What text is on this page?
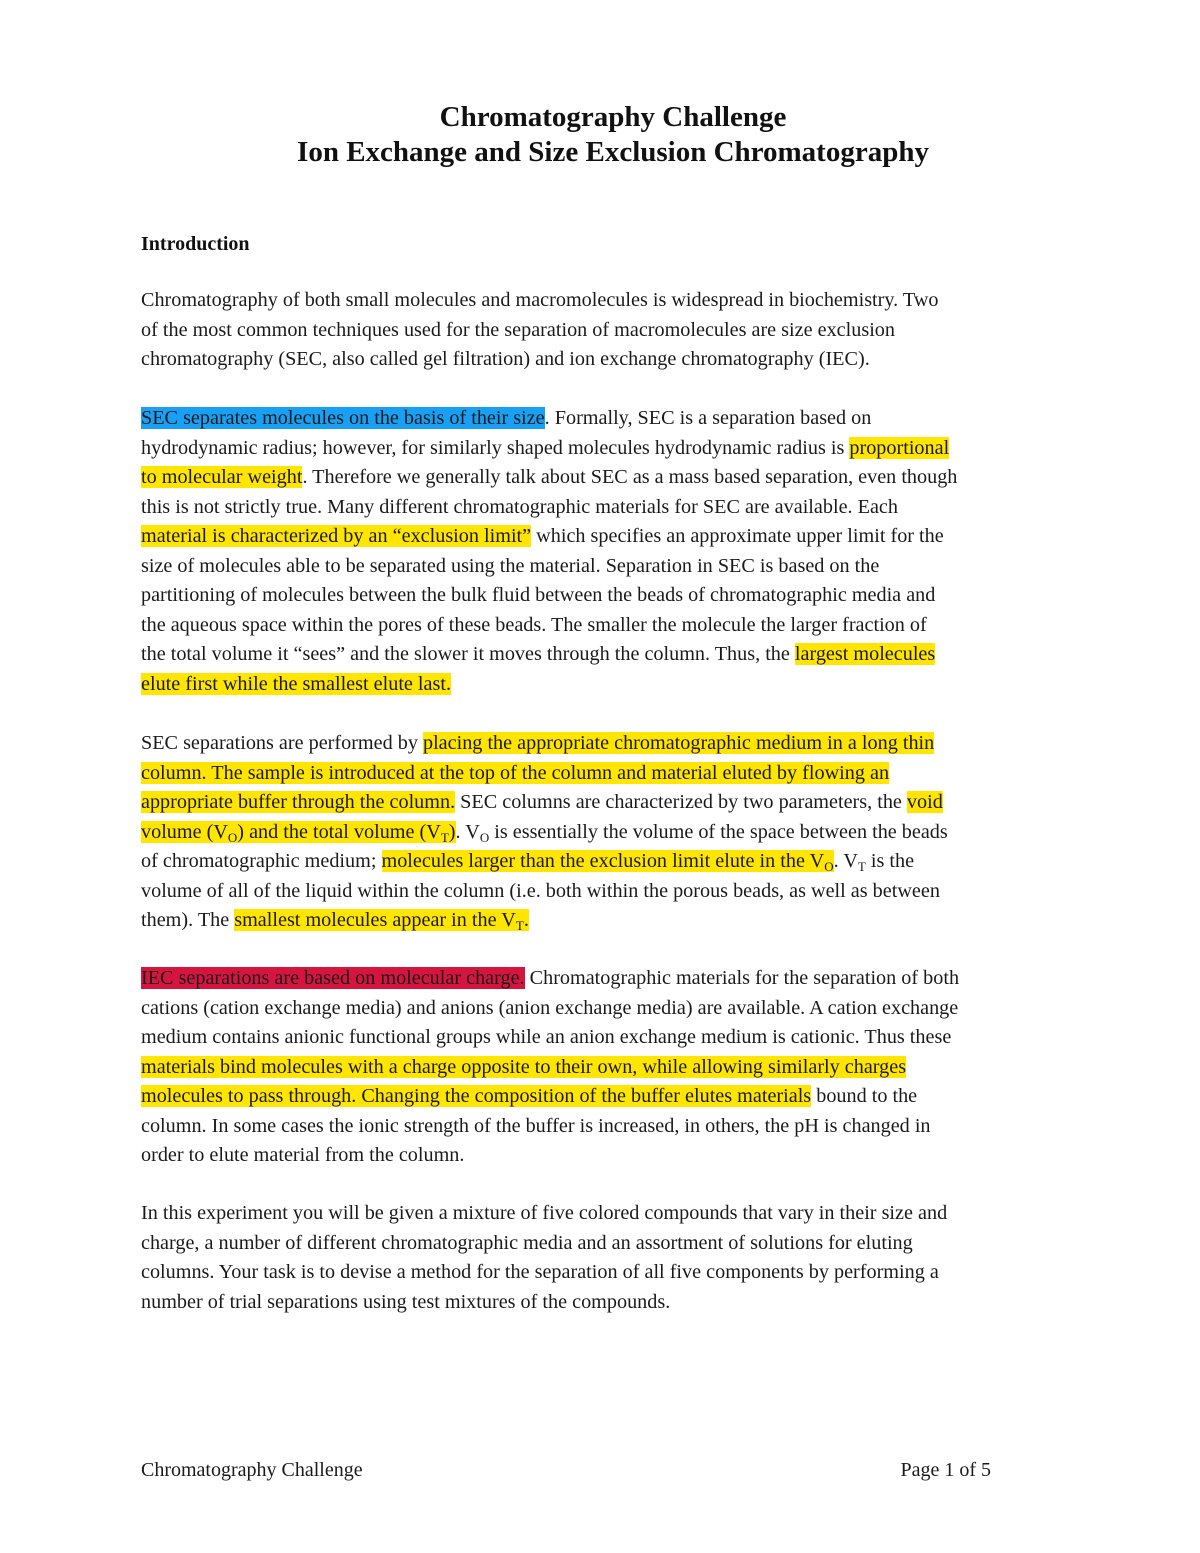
Chromatography Challenge
Ion Exchange and Size Exclusion Chromatography
Introduction

Chromatography of both small molecules and macromolecules is widespread in biochemistry. Two
of the most common techniques used for the separation of macromolecules are size exclusion
chromatography (SEC, also called gel filtration) and ion exchange chromatography (IEC).

SEC separates molecules on the basis of their size. Formally, SEC is a separation based on
hydrodynamic radius; however, for similarly shaped molecules hydrodynamic radius is proportional
to molecular weight. Therefore we generally talk about SEC as a mass based separation, even though
this is not strictly true. Many different chromatographic materials for SEC are available. Each
material is characterized by an “exclusion limit” which specifies an approximate upper limit for the
size of molecules able to be separated using the material. Separation in SEC is based on the
partitioning of molecules between the bulk fluid between the beads of chromatographic media and
the aqueous space within the pores of these beads. The smaller the molecule the larger fraction of
the total volume it “sees” and the slower it moves through the column. Thus, the largest molecules
elute first while the smallest elute last.

SEC separations are performed by placing the appropriate chromatographic medium in a long thin
column. The sample is introduced at the top of the column and material eluted by flowing an
appropriate buffer through the column. SEC columns are characterized by two parameters, the void
volume $(V_O)$ and the total volume $(V_T)$. $V_O$ is essentially the volume of the space between the beads
of chromatographic medium; molecules larger than the exclusion limit elute in the $V_O$. $V_T$ is the
volume of all of the liquid within the column (i.e. both within the porous beads, as well as between
them). The smallest molecules appear in the $V_T$.

IEC separations are based on molecular charge. Chromatographic materials for the separation of both
cations (cation exchange media) and anions (anion exchange media) are available. A cation exchange
medium contains anionic functional groups while an anion exchange medium is cationic. Thus these
materials bind molecules with a charge opposite to their own, while allowing similarly charges
molecules to pass through. Changing the composition of the buffer elutes materials bound to the
column. In some cases the ionic strength of the buffer is increased, in others, the pH is changed in
order to elute material from the column.

In this experiment you will be given a mixture of five colored compounds that vary in their size and
charge, a number of different chromatographic media and an assortment of solutions for eluting
columns. Your task is to devise a method for the separation of all five components by performing a
number of trial separations using test mixtures of the compounds.

Chromatography Challenge	Page 1 of 5
